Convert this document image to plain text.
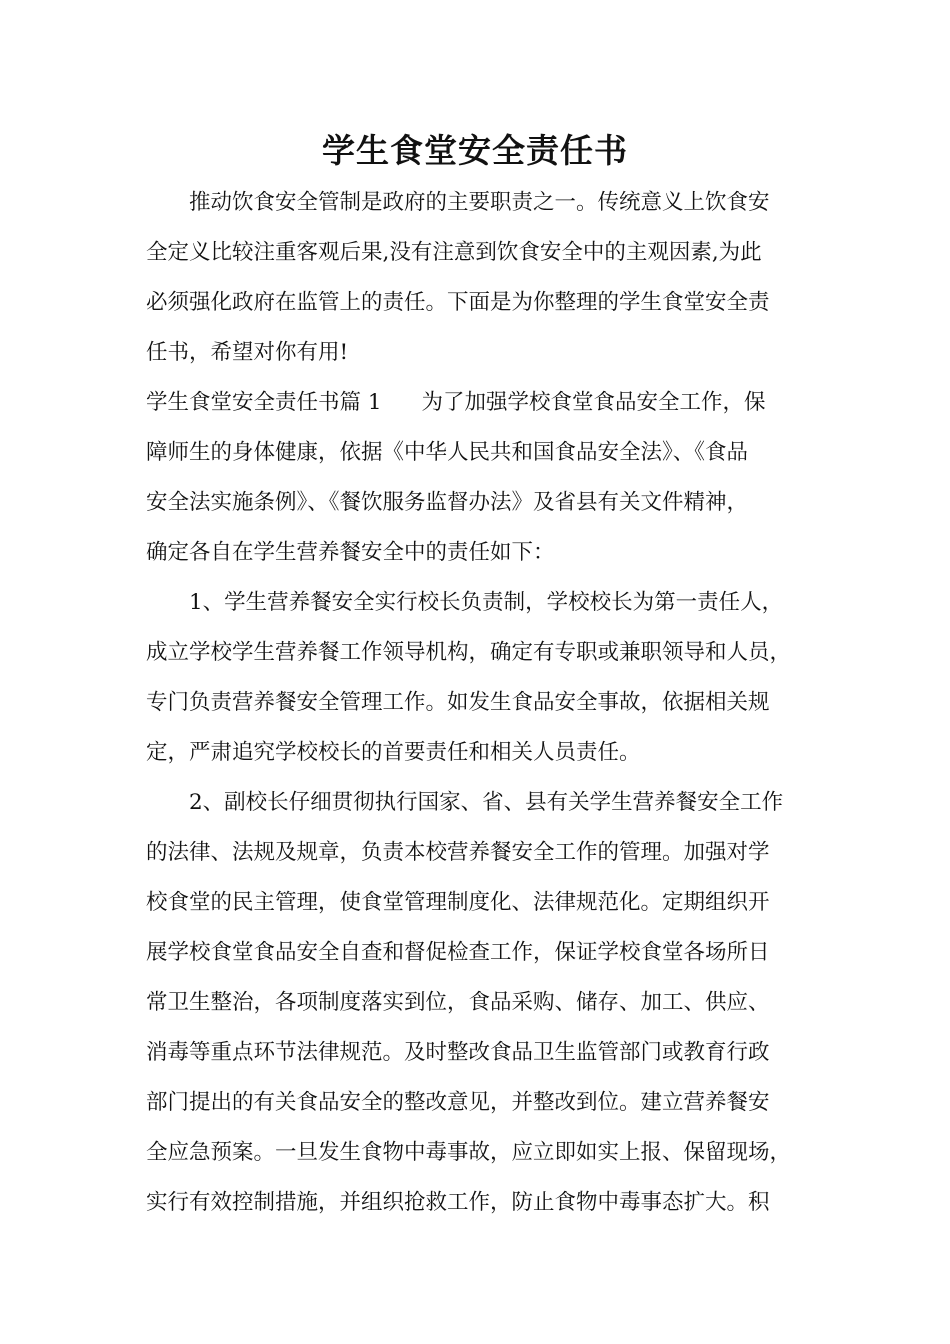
学生食堂安全责任书
推动饮食安全管制是政府的主要职责之一。传统意义上饮食安
全定义比较注重客观后果,没有注意到饮食安全中的主观因素,为此
必须强化政府在监管上的责任。下面是为你整理的学生食堂安全责
任书，希望对你有用!
学生食堂安全责任书篇 1 为了加强学校食堂食品安全工作，保
障师生的身体健康，依据《中华人民共和国食品安全法》、《食品
安全法实施条例》、《餐饮服务监督办法》及省县有关文件精神，
确定各自在学生营养餐安全中的责任如下：
1、学生营养餐安全实行校长负责制，学校校长为第一责任人，
成立学校学生营养餐工作领导机构，确定有专职或兼职领导和人员，
专门负责营养餐安全管理工作。如发生食品安全事故，依据相关规
定，严肃追究学校校长的首要责任和相关人员责任。
2、副校长仔细贯彻执行国家、省、县有关学生营养餐安全工作
的法律、法规及规章，负责本校营养餐安全工作的管理。加强对学
校食堂的民主管理，使食堂管理制度化、法律规范化。定期组织开
展学校食堂食品安全自查和督促检查工作，保证学校食堂各场所日
常卫生整治，各项制度落实到位，食品采购、储存、加工、供应、
消毒等重点环节法律规范。及时整改食品卫生监管部门或教育行政
部门提出的有关食品安全的整改意见，并整改到位。建立营养餐安
全应急预案。一旦发生食物中毒事故，应立即如实上报、保留现场，
实行有效控制措施，并组织抢救工作，防止食物中毒事态扩大。积
